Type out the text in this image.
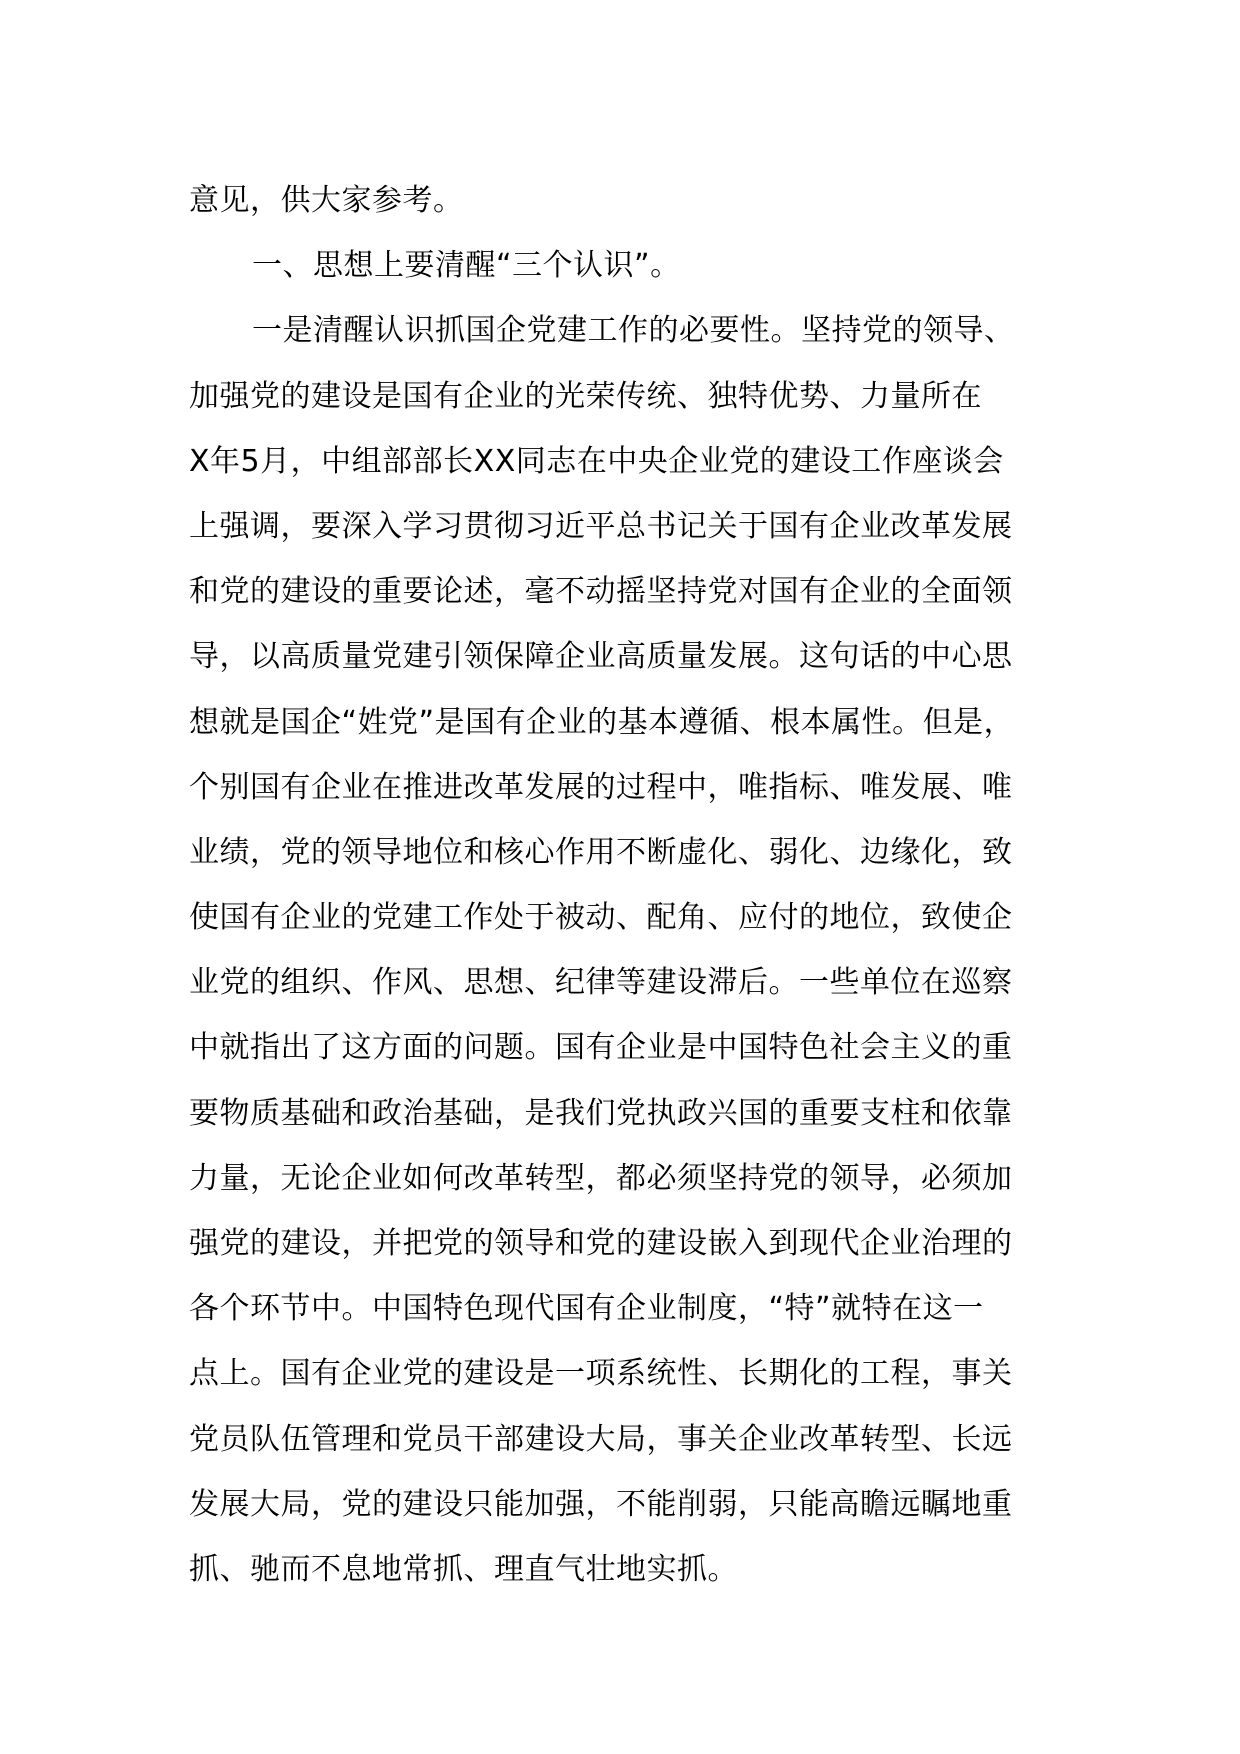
意见，供大家参考。
一、思想上要清醒“三个认识”。
一是清醒认识抓国企党建工作的必要性。坚持党的领导、
加强党的建设是国有企业的光荣传统、独特优势、力量所在
X年5月，中组部部长XX同志在中央企业党的建设工作座谈会
上强调，要深入学习贯彻习近平总书记关于国有企业改革发展
和党的建设的重要论述，毫不动摇坚持党对国有企业的全面领
导，以高质量党建引领保障企业高质量发展。这句话的中心思
想就是国企“姓党”是国有企业的基本遵循、根本属性。但是，
个别国有企业在推进改革发展的过程中，唯指标、唯发展、唯
业绩，党的领导地位和核心作用不断虚化、弱化、边缘化，致
使国有企业的党建工作处于被动、配角、应付的地位，致使企
业党的组织、作风、思想、纪律等建设滞后。一些单位在巡察
中就指出了这方面的问题。国有企业是中国特色社会主义的重
要物质基础和政治基础，是我们党执政兴国的重要支柱和依靠
力量，无论企业如何改革转型，都必须坚持党的领导，必须加
强党的建设，并把党的领导和党的建设嵌入到现代企业治理的
各个环节中。中国特色现代国有企业制度，“特”就特在这一
点上。国有企业党的建设是一项系统性、长期化的工程，事关
党员队伍管理和党员干部建设大局，事关企业改革转型、长远
发展大局，党的建设只能加强，不能削弱，只能高瞻远瞩地重
抓、驰而不息地常抓、理直气壮地实抓。
